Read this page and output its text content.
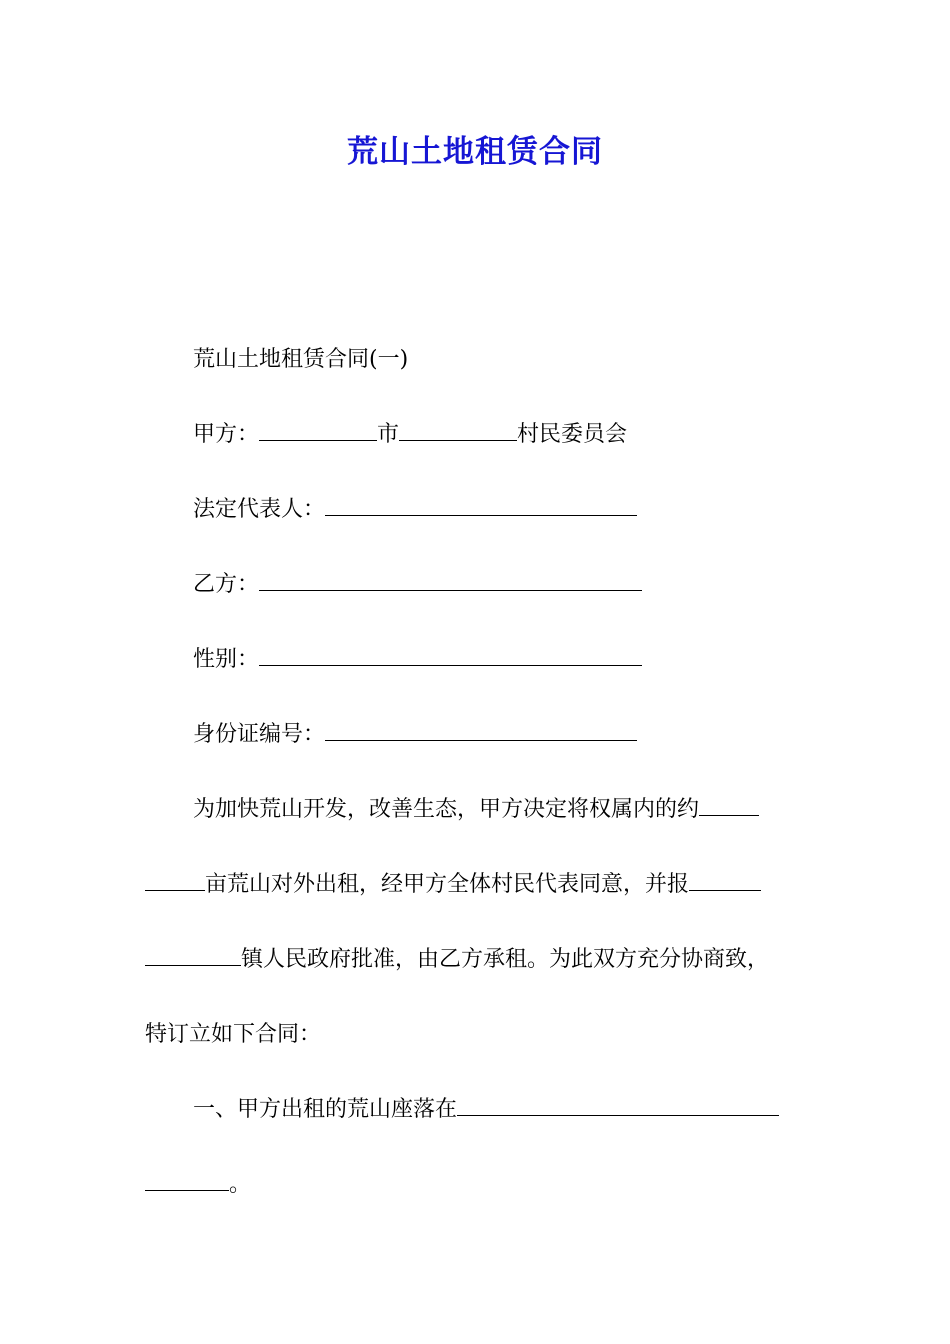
荒山土地租赁合同
荒山土地租赁合同(一)
甲方：	市	村民委员会
法定代表人：
乙方：
性别：
身份证编号：
为加快荒山开发，改善生态，甲方决定将权属内的约
亩荒山对外出租，经甲方全体村民代表同意，并报
镇人民政府批准，由乙方承租。为此双方充分协商致，
特订立如下合同：
一、甲方出租的荒山座落在
。
